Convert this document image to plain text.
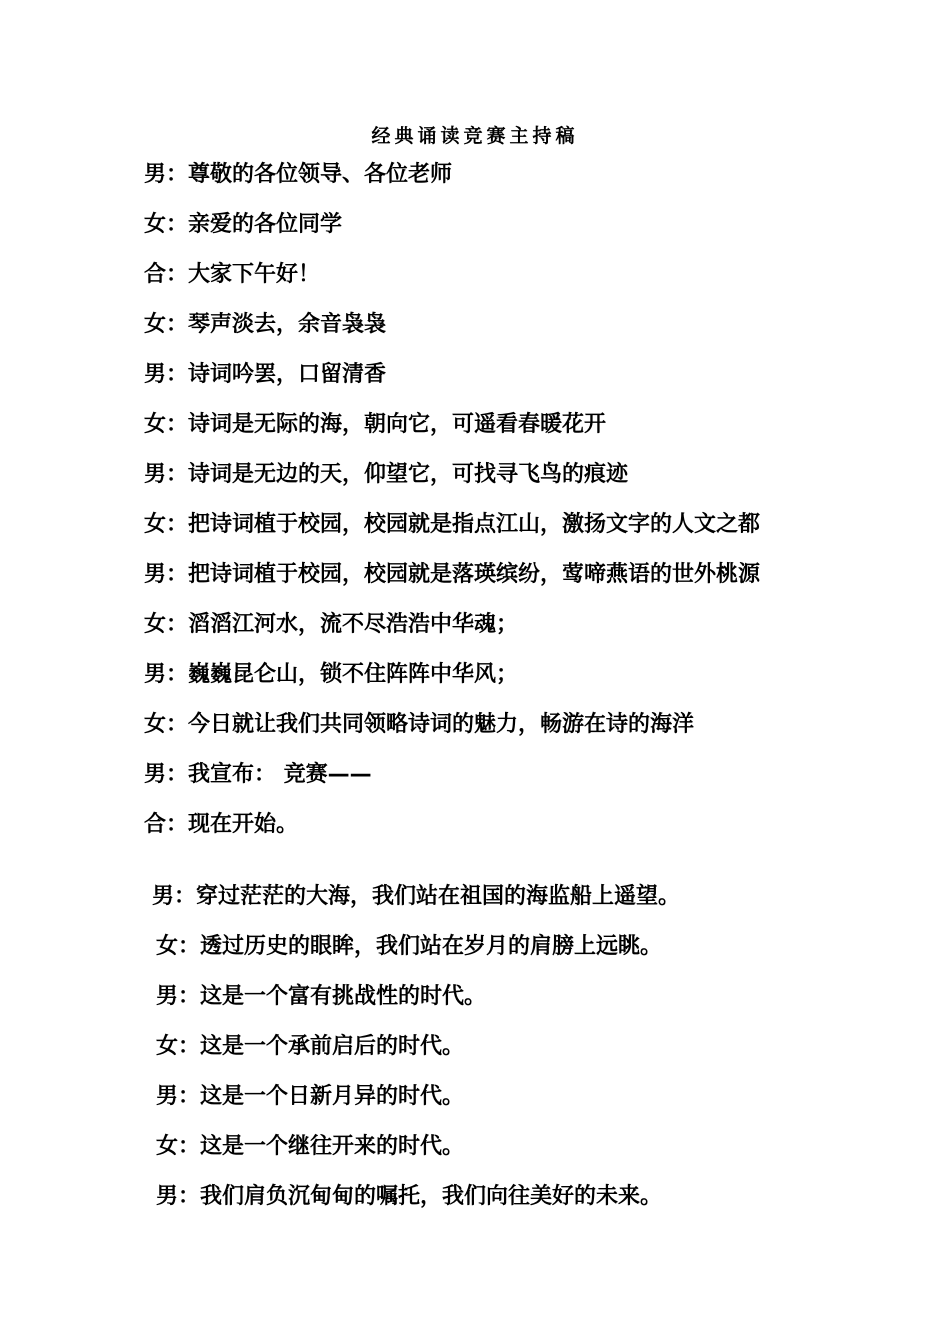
经典诵读竞赛主持稿
男：尊敬的各位领导、各位老师
女：亲爱的各位同学
合：大家下午好！
女：琴声淡去，余音袅袅
男：诗词吟罢，口留清香
女：诗词是无际的海，朝向它，可遥看春暖花开
男：诗词是无边的天，仰望它，可找寻飞鸟的痕迹
女：把诗词植于校园，校园就是指点江山，激扬文字的人文之都
男：把诗词植于校园，校园就是落瑛缤纷，莺啼燕语的世外桃源
女：滔滔江河水，流不尽浩浩中华魂；
男：巍巍昆仑山，锁不住阵阵中华风；
女：今日就让我们共同领略诗词的魅力，畅游在诗的海洋
男：我宣布： 竞赛——
合：现在开始。
男：穿过茫茫的大海，我们站在祖国的海监船上遥望。
女：透过历史的眼眸，我们站在岁月的肩膀上远眺。
男：这是一个富有挑战性的时代。
女：这是一个承前启后的时代。
男：这是一个日新月异的时代。
女：这是一个继往开来的时代。
男：我们肩负沉甸甸的嘱托，我们向往美好的未来。
